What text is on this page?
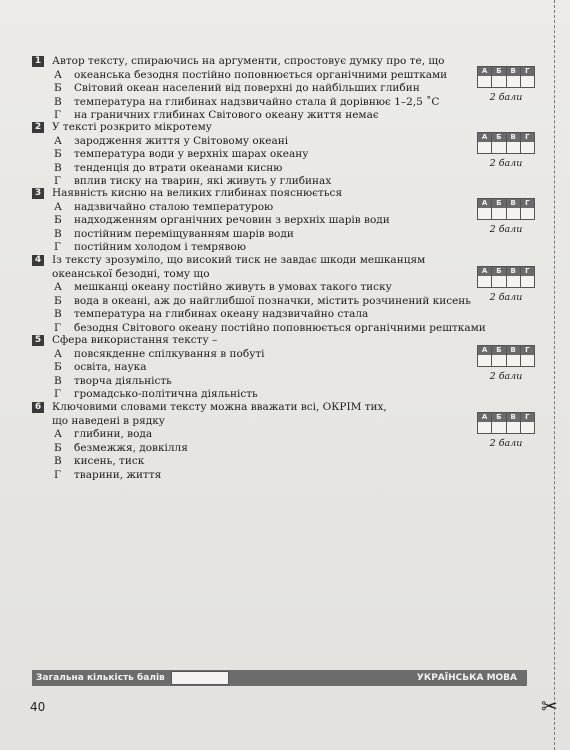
✂
1 Автор тексту, спираючись на аргументи, спростовує думку про те, що
А	океанська безодня постійно поповнюється органічними рештками
Б	Світовий океан населений від поверхні до найбільших глибин
В	температура на глибинах надзвичайно стала й дорівнює 1–2,5 ˚С
Г	на граничних глибинах Світового океану життя немає
А	Б	В	Г
2 бали
2 У тексті розкрито мікротему
А	зародження життя у Світовому океані
Б	температура води у верхніх шарах океану
В	тенденція до втрати океанами кисню
Г	вплив тиску на тварин, які живуть у глибинах
А	Б	В	Г
2 бали
3 Наявність кисню на великих глибинах пояснюється
А	надзвичайно сталою температурою
Б	надходженням органічних речовин з верхніх шарів води
В	постійним переміщуванням шарів води
Г	постійним холодом і темрявою
А	Б	В	Г
2 бали
4 Із тексту зрозуміло, що високий тиск не завдає шкоди мешканцям
океанської безодні, тому що
А	мешканці океану постійно живуть в умовах такого тиску
Б	вода в океані, аж до найглибшої позначки, містить розчинений кисень
В	температура на глибинах океану надзвичайно стала
Г	безодня Світового океану постійно поповнюється органічними рештками
А	Б	В	Г
2 бали
5 Сфера використання тексту –
А	повсякденне спілкування в побуті
Б	освіта, наука
В	творча діяльність
Г	громадсько-політична діяльність
А	Б	В	Г
2 бали
6 Ключовими словами тексту можна вважати всі, ОКРІМ тих,
що наведені в рядку
А	глибини, вода
Б	безмежжя, довкілля
В	кисень, тиск
Г	тварини, життя
А	Б	В	Г
2 бали
Загальна кількість балів	УКРАЇНСЬКА МОВА
40
